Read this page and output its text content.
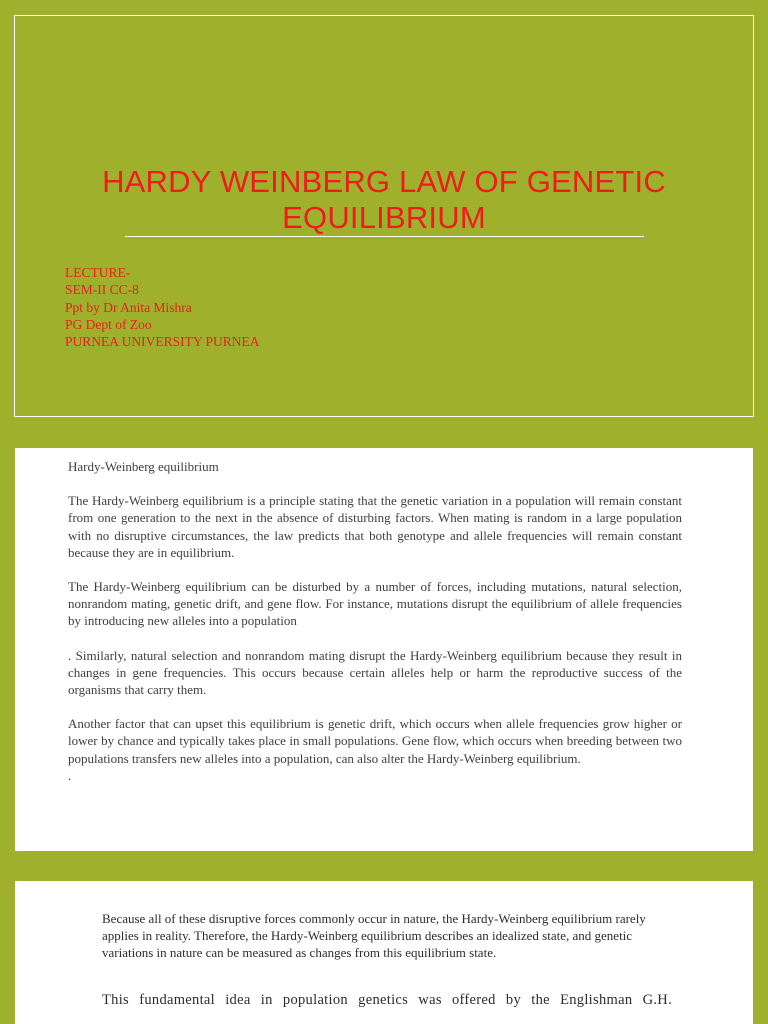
HARDY WEINBERG LAW OF GENETIC
EQUILIBRIUM
LECTURE-
SEM-II CC-8
Ppt by Dr Anita Mishra
PG Dept of Zoo
PURNEA UNIVERSITY PURNEA

Hardy-Weinberg equilibrium

The Hardy-Weinberg equilibrium is a principle stating that the genetic variation in a population will remain constant from one generation to the next in the absence of disturbing factors. When mating is random in a large population with no disruptive circumstances, the law predicts that both genotype and allele frequencies will remain constant because they are in equilibrium.

The Hardy-Weinberg equilibrium can be disturbed by a number of forces, including mutations, natural selection, nonrandom mating, genetic drift, and gene flow. For instance, mutations disrupt the equilibrium of allele frequencies by introducing new alleles into a population

. Similarly, natural selection and nonrandom mating disrupt the Hardy-Weinberg equilibrium because they result in changes in gene frequencies. This occurs because certain alleles help or harm the reproductive success of the organisms that carry them.

Another factor that can upset this equilibrium is genetic drift, which occurs when allele frequencies grow higher or lower by chance and typically takes place in small populations. Gene flow, which occurs when breeding between two populations transfers new alleles into a population, can also alter the Hardy-Weinberg equilibrium.

.

Because all of these disruptive forces commonly occur in nature, the Hardy-Weinberg equilibrium rarely applies in reality. Therefore, the Hardy-Weinberg equilibrium describes an idealized state, and genetic variations in nature can be measured as changes from this equilibrium state.

This fundamental idea in population genetics was offered by the Englishman G.H.
